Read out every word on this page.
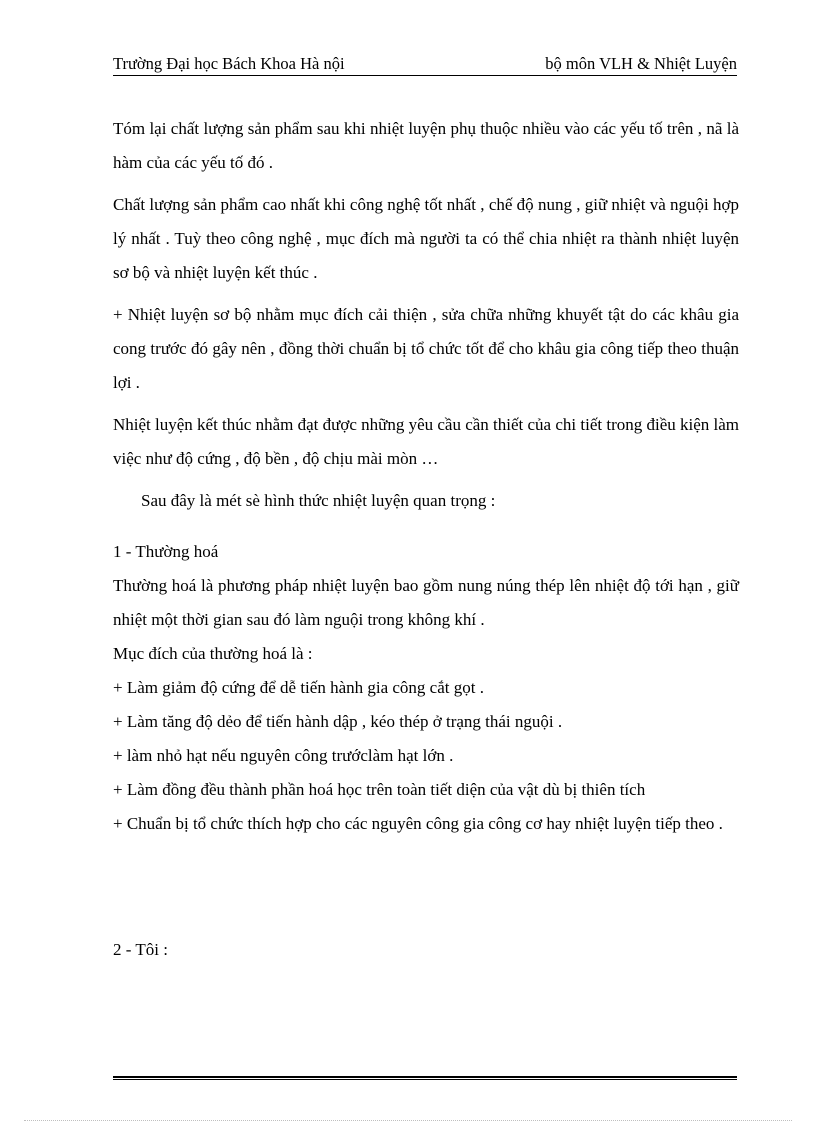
Trường Đại học Bách Khoa Hà nội	bộ môn VLH & Nhiệt Luyện

Tóm lại chất lượng sản phẩm sau khi nhiệt luyện phụ thuộc nhiều vào các yếu tố trên , nã là hàm của các yếu tố đó .

Chất lượng sản phẩm cao nhất khi công nghệ tốt nhất , chế độ nung , giữ nhiệt và nguội hợp lý nhất . Tuỳ theo công nghệ , mục đích mà người ta có thể chia nhiệt ra thành nhiệt luyện sơ bộ và nhiệt luyện kết thúc .

+ Nhiệt luyện sơ bộ nhằm mục đích cải thiện , sửa chữa những khuyết tật do các khâu gia cong trước đó gây nên , đồng thời chuẩn bị tổ chức tốt để cho khâu gia công tiếp theo thuận lợi .

Nhiệt luyện kết thúc nhằm đạt được những yêu cầu cần thiết của chi tiết trong điều kiện làm việc như độ cứng , độ bền , độ chịu mài mòn …

Sau đây là mét sè hình thức nhiệt luyện quan trọng :

1 - Thường hoá

Thường hoá là phương pháp nhiệt luyện bao gồm nung núng thép lên nhiệt độ tới hạn , giữ nhiệt một thời gian sau đó làm nguội trong không khí .

Mục đích của thường hoá là :

+ Làm giảm độ cứng để dễ tiến hành gia công cắt gọt .

+ Làm tăng độ dẻo để tiến hành dập , kéo thép ở trạng thái nguội .

+ làm nhỏ hạt nếu nguyên công trướclàm hạt lớn .

+ Làm đồng đều thành phần hoá học trên toàn tiết diện của vật dù bị thiên tích

+ Chuẩn bị tổ chức thích hợp cho các nguyên công gia công cơ hay nhiệt luyện tiếp theo .

2 - Tôi :
